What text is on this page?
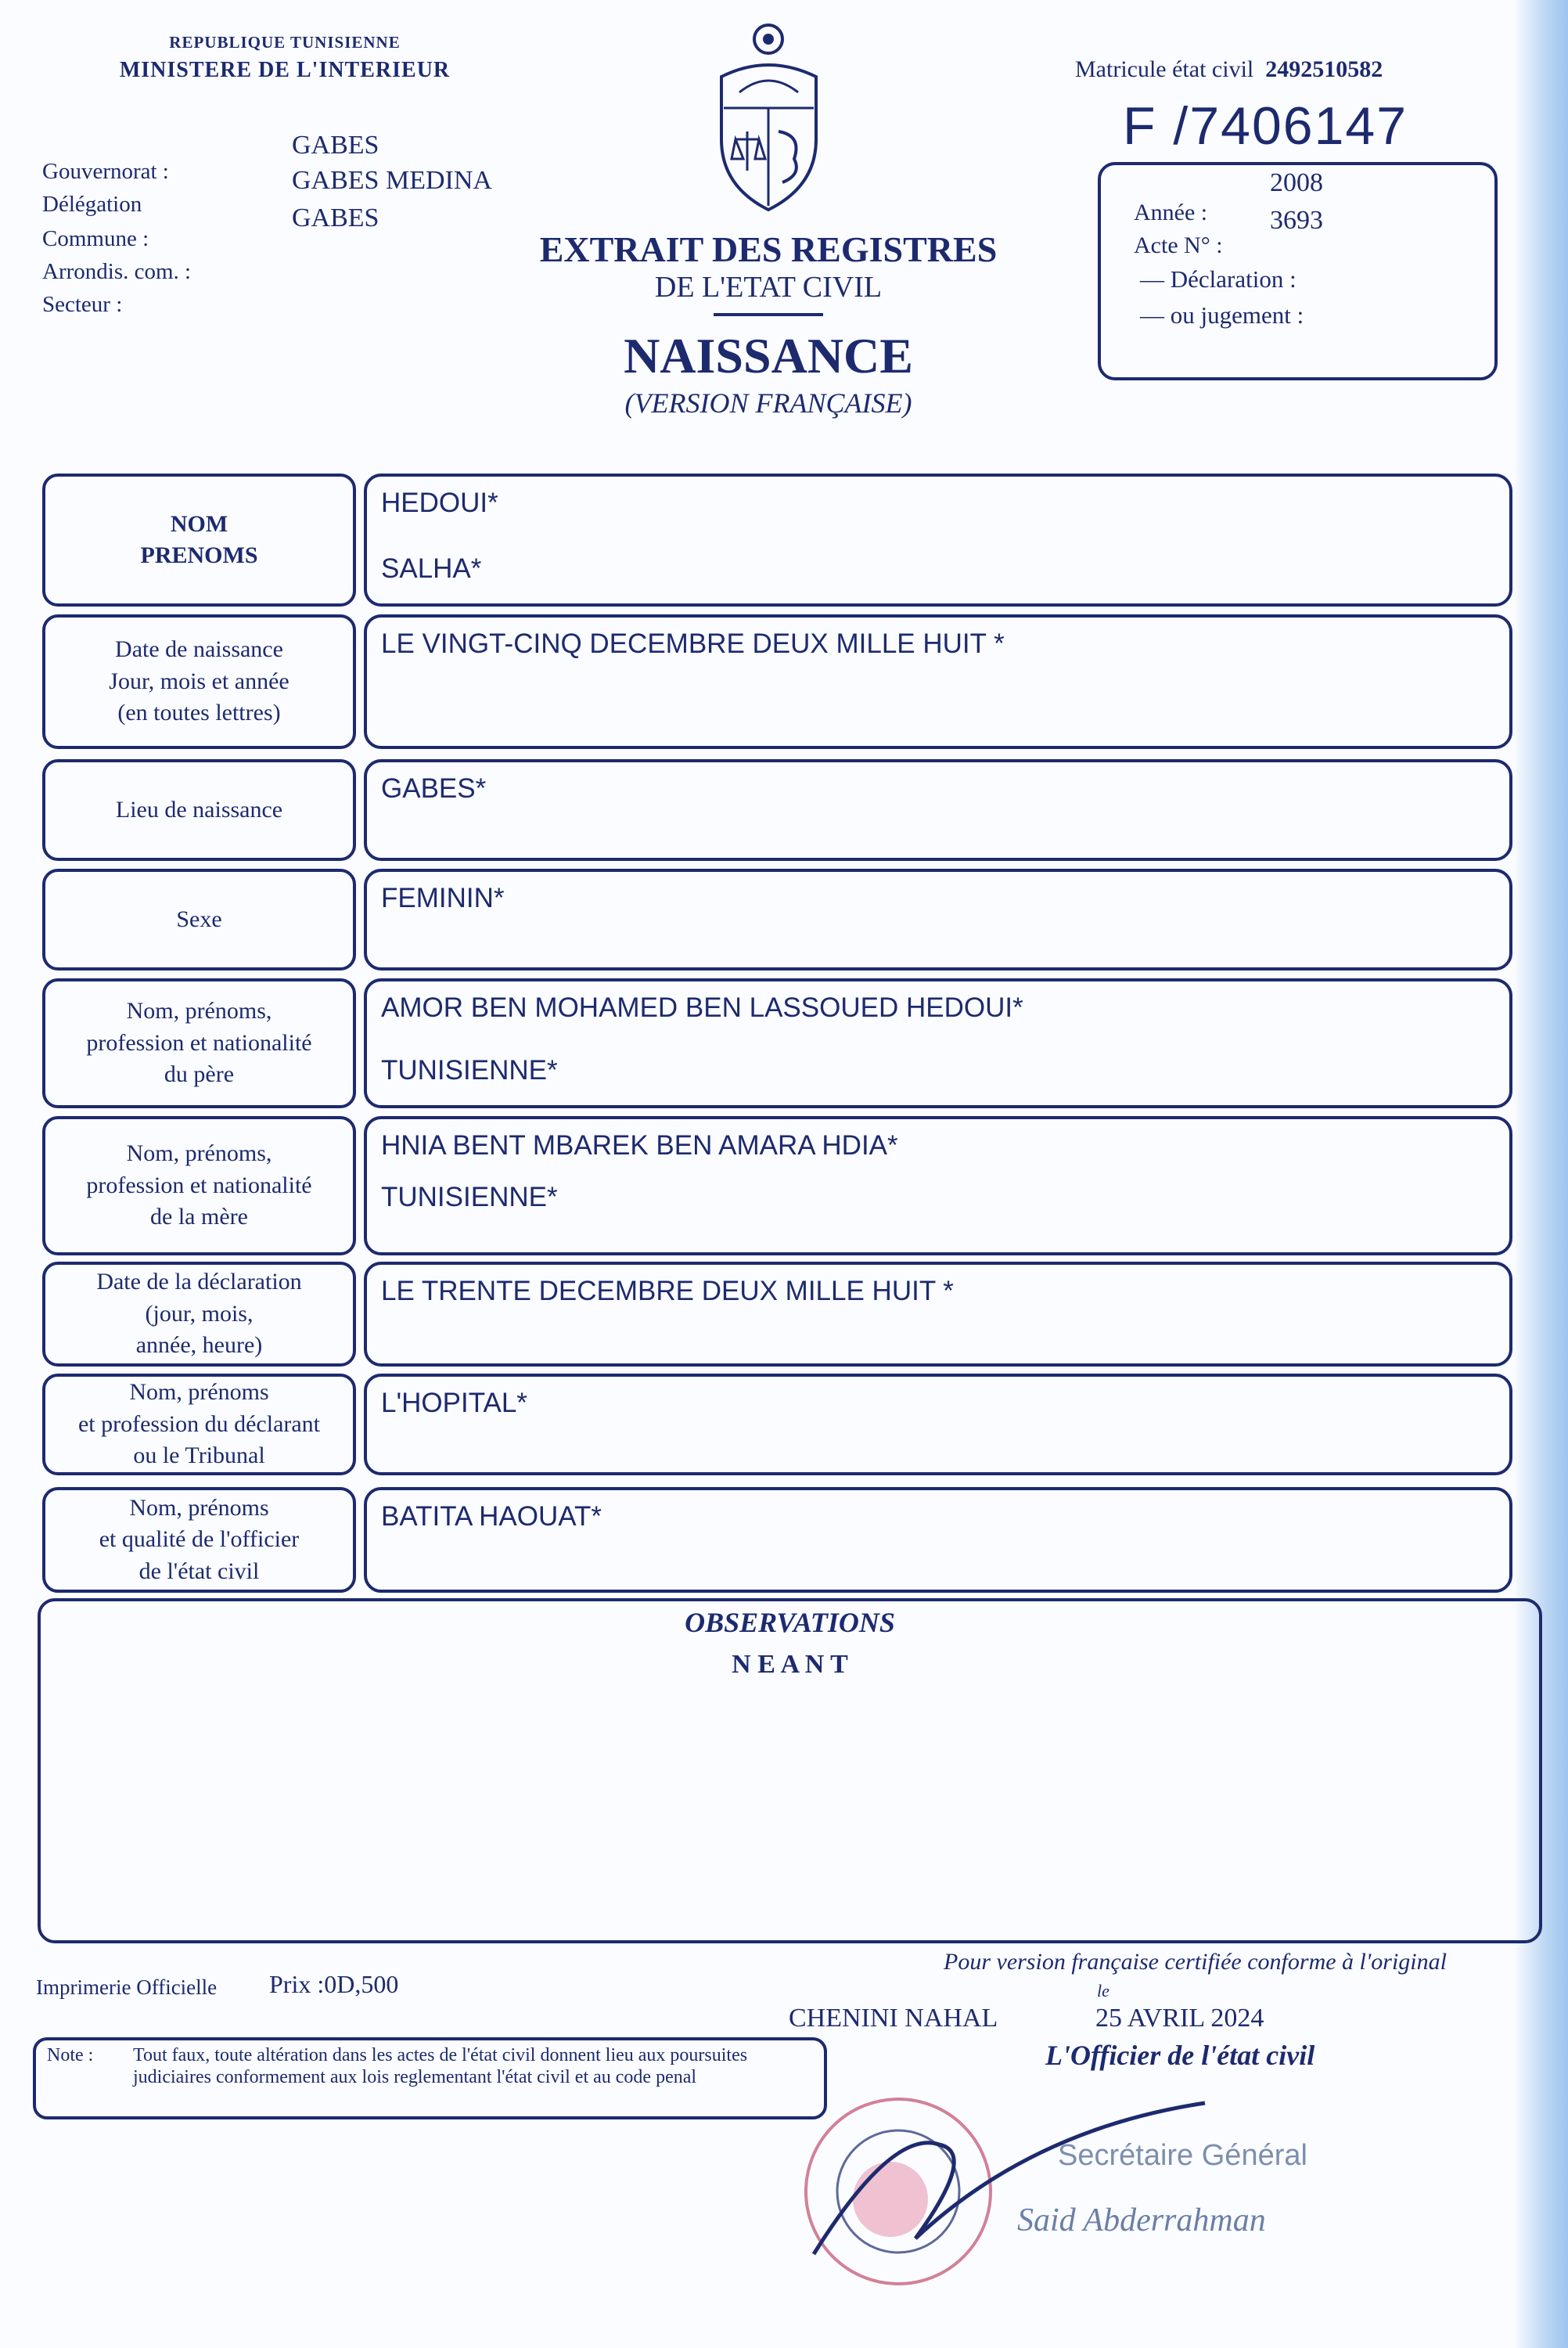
REPUBLIQUE TUNISIENNE
MINISTERE DE L'INTERIEUR
Gouvernorat :
Délégation
Commune :
Arrondis. com. :
Secteur :
GABES
GABES MEDINA
GABES
EXTRAIT DES REGISTRES
DE L'ETAT CIVIL
NAISSANCE
(VERSION FRANÇAISE)
Matricule état civil 2492510582
F /7406147
Année :
2008
Acte N° :
3693
— Déclaration :
— ou jugement :
NOM
PRENOMS
HEDOUI*
SALHA*
Date de naissance
Jour, mois et année
(en toutes lettres)
LE VINGT-CINQ DECEMBRE DEUX MILLE HUIT *
Lieu de naissance
GABES*
Sexe
FEMININ*
Nom, prénoms,
profession et nationalité
du père
AMOR BEN MOHAMED BEN LASSOUED HEDOUI*
TUNISIENNE*
Nom, prénoms,
profession et nationalité
de la mère
HNIA BENT MBAREK BEN AMARA HDIA*
TUNISIENNE*
Date de la déclaration
(jour, mois,
année, heure)
LE TRENTE DECEMBRE DEUX MILLE HUIT *
Nom, prénoms
et profession du déclarant
ou le Tribunal
L'HOPITAL*
Nom, prénoms
et qualité de l'officier
de l'état civil
BATITA HAOUAT*
OBSERVATIONS
N E A N T
Imprimerie Officielle Prix :0D,500
Pour version française certifiée conforme à l'original
CHENINI NAHAL
le
25 AVRIL 2024
L'Officier de l'état civil
Note :	Tout faux, toute altération dans les actes de l'état civil donnent lieu aux poursuites judiciaires conformement aux lois reglementant l'état civil et au code penal
Secrétaire Général
Said Abderrahman
